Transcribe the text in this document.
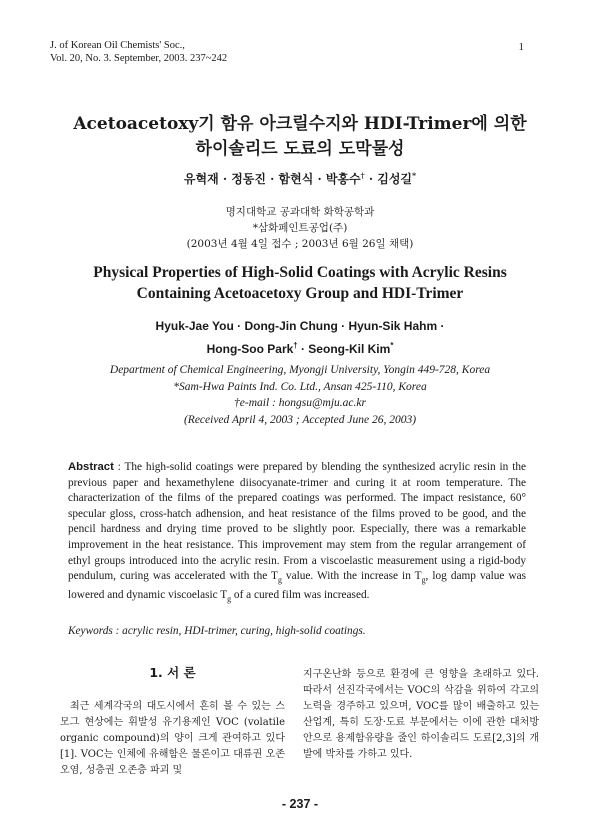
J. of Korean Oil Chemists' Soc.,
Vol. 20, No. 3. September, 2003. 237~242
1
Acetoacetoxy기 함유 아크릴수지와 HDI-Trimer에 의한
하이솔리드 도료의 도막물성
유혁재 · 정동진 · 함현식 · 박홍수† · 김성길*
명지대학교 공과대학 화학공학과
*삼화페인트공업(주)
(2003년 4월 4일 접수 ; 2003년 6월 26일 채택)
Physical Properties of High-Solid Coatings with Acrylic Resins
Containing Acetoacetoxy Group and HDI-Trimer
Hyuk-Jae You · Dong-Jin Chung · Hyun-Sik Hahm ·
Hong-Soo Park† · Seong-Kil Kim*
Department of Chemical Engineering, Myongji University, Yongin 449-728, Korea
*Sam-Hwa Paints Ind. Co. Ltd., Ansan 425-110, Korea
†e-mail : hongsu@mju.ac.kr
(Received April 4, 2003 ; Accepted June 26, 2003)
Abstract : The high-solid coatings were prepared by blending the synthesized acrylic resin in the previous paper and hexamethylene diisocyanate-trimer and curing it at room temperature. The characterization of the films of the prepared coatings was performed. The impact resistance, 60° specular gloss, cross-hatch adhension, and heat resistance of the films proved to be good, and the pencil hardness and drying time proved to be slightly poor. Especially, there was a remarkable improvement in the heat resistance. This improvement may stem from the regular arrangement of ethyl groups introduced into the acrylic resin. From a viscoelastic measurement using a rigid-body pendulum, curing was accelerated with the $T_g$ value. With the increase in $T_g$, log damp value was lowered and dynamic viscoelasic $T_g$ of a cured film was increased.
Keywords : acrylic resin, HDI-trimer, curing, high-solid coatings.
1. 서 론
최근 세계각국의 대도시에서 흔히 볼 수 있는 스모그 현상에는 휘발성 유기용제인 VOC (volatile organic compound)의 양이 크게 관여하고 있다[1]. VOC는 인체에 유해함은 물론이고 대류권 오존 오염, 성층권 오존층 파괴 및
지구온난화 등으로 환경에 큰 영향을 초래하고 있다. 따라서 선진각국에서는 VOC의 삭감을 위하여 각고의 노력을 경주하고 있으며, VOC를 많이 배출하고 있는 산업계, 특히 도장·도료 부문에서는 이에 관한 대처방안으로 용제함유량을 줄인 하이솔리드 도료[2,3]의 개발에 박차를 가하고 있다.
- 237 -
